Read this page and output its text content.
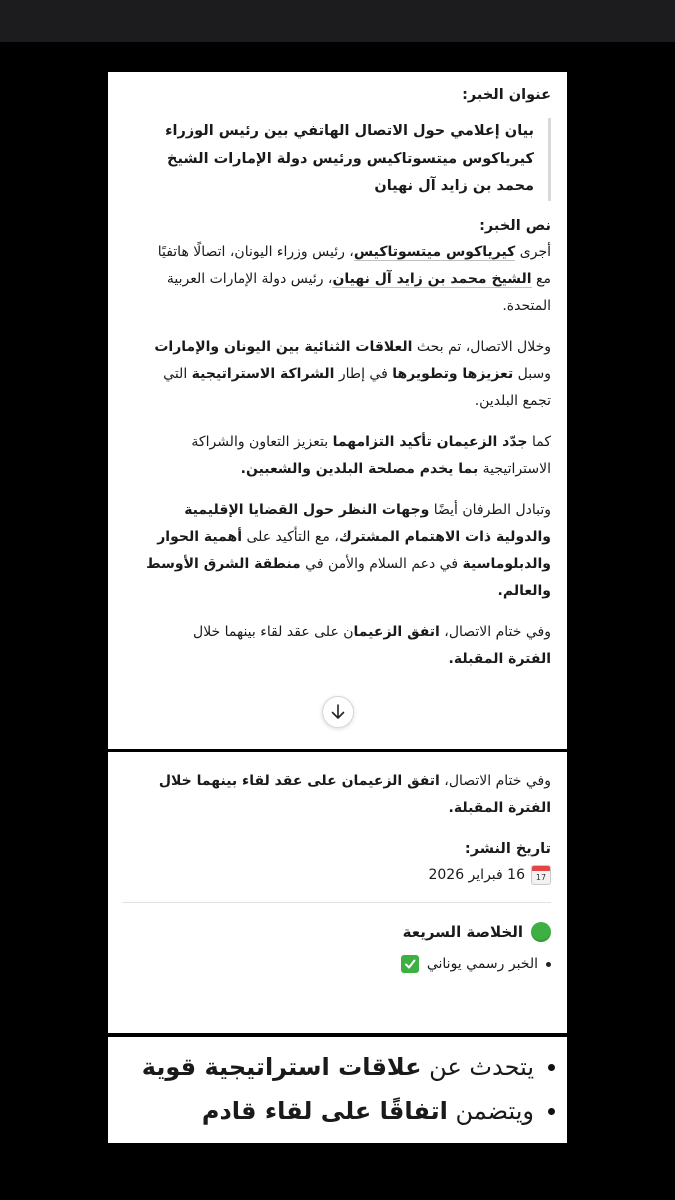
عنوان الخبر:

بيان إعلامي حول الاتصال الهاتفي بين رئيس الوزراء

كيرياكوس ميتسوتاكيس ورئيس دولة الإمارات الشيخ

محمد بن زايد آل نهيان

نص الخبر:

أجرى كيرياكوس ميتسوتاكيس، رئيس وزراء اليونان، اتصالًا هاتفيًا

مع الشيخ محمد بن زايد آل نهيان، رئيس دولة الإمارات العربية

المتحدة.

وخلال الاتصال، تم بحث العلاقات الثنائية بين اليونان والإمارات

وسبل تعزيزها وتطويرها في إطار الشراكة الاستراتيجية التي

تجمع البلدين.

كما جدّد الزعيمان تأكيد التزامهما بتعزيز التعاون والشراكة

الاستراتيجية بما يخدم مصلحة البلدين والشعبين.

وتبادل الطرفان أيضًا وجهات النظر حول القضايا الإقليمية

والدولية ذات الاهتمام المشترك، مع التأكيد على أهمية الحوار

والدبلوماسية في دعم السلام والأمن في منطقة الشرق الأوسط

والعالم.

وفي ختام الاتصال، اتفق الزعيمان على عقد لقاء بينهما خلال

الفترة المقبلة.

وفي ختام الاتصال، اتفق الزعيمان على عقد لقاء بينهما خلال

الفترة المقبلة.

تاريخ النشر:

17
16 فبراير 2026
الخلاصة السريعة
الخبر رسمي يوناني
يتحدث عن علاقات استراتيجية قوية
ويتضمن اتفاقًا على لقاء قادم
